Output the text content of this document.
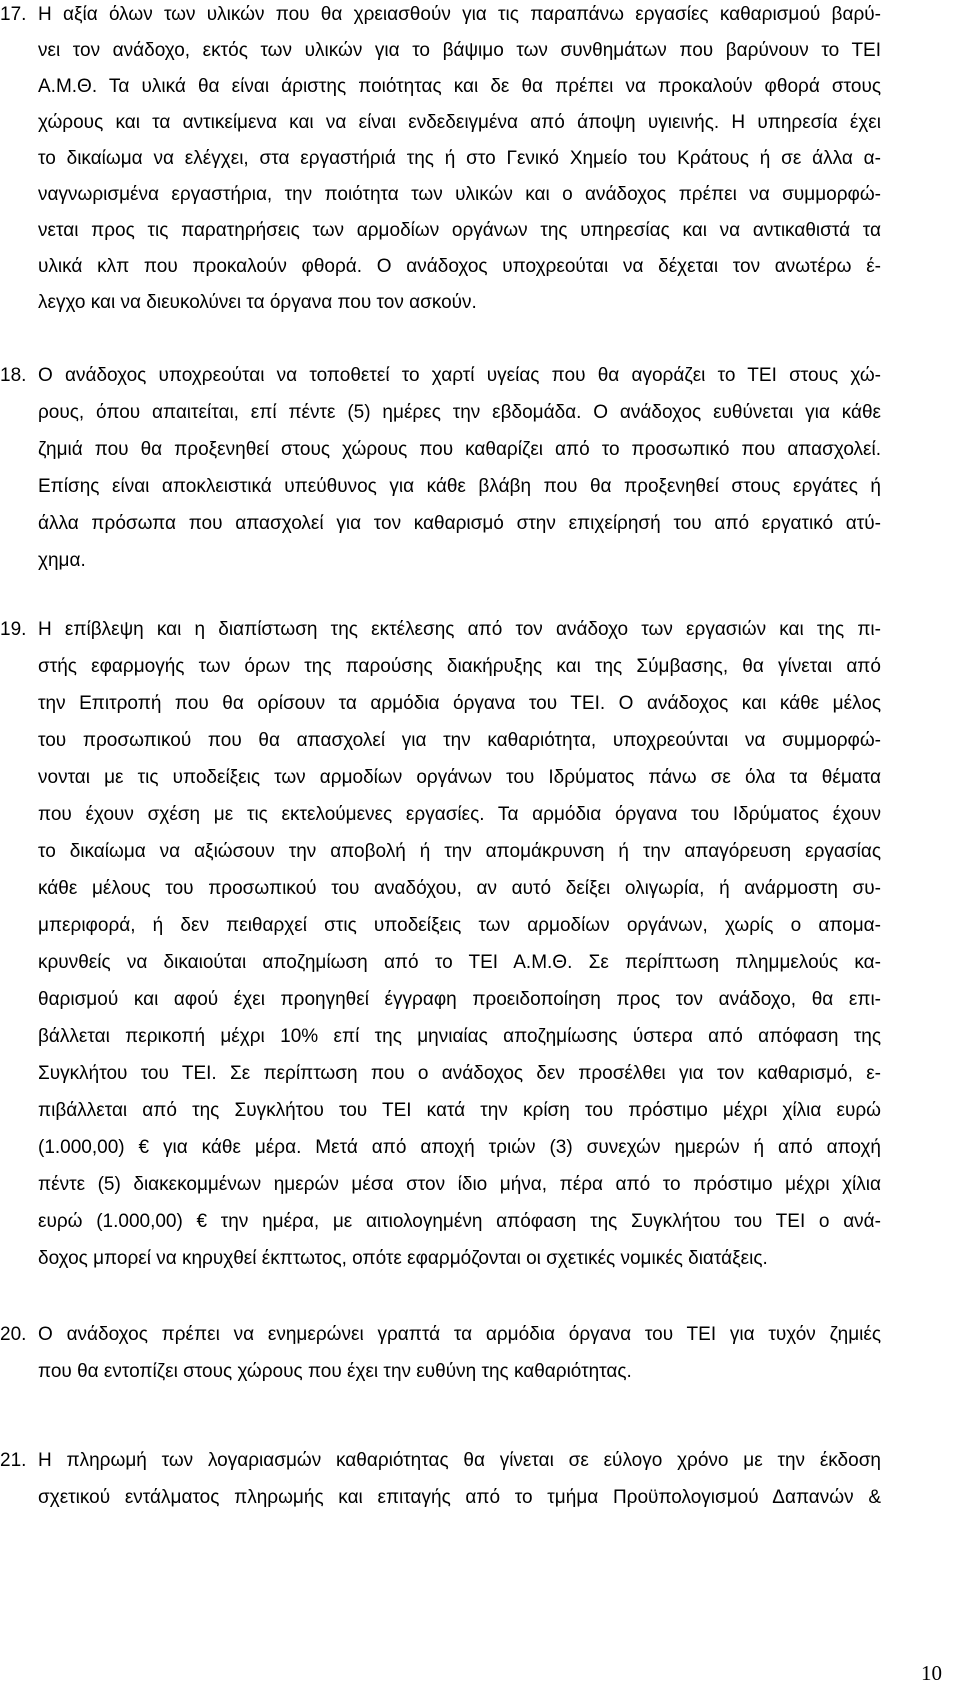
17. Η αξία όλων των υλικών που θα χρειασθούν για τις παραπάνω εργασίες καθαρισμού βαρύ-
νει τον ανάδοχο, εκτός των υλικών για το βάψιμο των συνθημάτων που βαρύνουν το ΤΕΙ
Α.Μ.Θ. Τα υλικά θα είναι άριστης ποιότητας και δε θα πρέπει να προκαλούν φθορά στους
χώρους και τα αντικείμενα και να είναι ενδεδειγμένα από άποψη υγιεινής. Η υπηρεσία έχει
το δικαίωμα να ελέγχει, στα εργαστήριά της ή στο Γενικό Χημείο του Κράτους ή σε άλλα α-
ναγνωρισμένα εργαστήρια, την ποιότητα των υλικών και ο ανάδοχος πρέπει να συμμορφώ-
νεται προς τις παρατηρήσεις των αρμοδίων οργάνων της υπηρεσίας και να αντικαθιστά τα
υλικά κλπ που προκαλούν φθορά. Ο ανάδοχος υποχρεούται να δέχεται τον ανωτέρω έ-
λεγχο και να διευκολύνει τα όργανα που τον ασκούν.
18. Ο ανάδοχος υποχρεούται να τοποθετεί το χαρτί υγείας που θα αγοράζει το ΤΕΙ στους χώ-
ρους, όπου απαιτείται, επί πέντε (5) ημέρες την εβδομάδα. Ο ανάδοχος ευθύνεται για κάθε
ζημιά που θα προξενηθεί στους χώρους που καθαρίζει από το προσωπικό που απασχολεί.
Επίσης είναι αποκλειστικά υπεύθυνος για κάθε βλάβη που θα προξενηθεί στους εργάτες ή
άλλα πρόσωπα που απασχολεί για τον καθαρισμό στην επιχείρησή του από εργατικό ατύ-
χημα.
19. Η επίβλεψη και η διαπίστωση της εκτέλεσης από τον ανάδοχο των εργασιών και της πι-
στής εφαρμογής των όρων της παρούσης διακήρυξης και της Σύμβασης, θα γίνεται από
την Επιτροπή που θα ορίσουν τα αρμόδια όργανα του ΤΕΙ. Ο ανάδοχος και κάθε μέλος
του προσωπικού που θα απασχολεί για την καθαριότητα, υποχρεούνται να συμμορφώ-
νονται με τις υποδείξεις των αρμοδίων οργάνων του Ιδρύματος πάνω σε όλα τα θέματα
που έχουν σχέση με τις εκτελούμενες εργασίες. Τα αρμόδια όργανα του Ιδρύματος έχουν
το δικαίωμα να αξιώσουν την αποβολή ή την απομάκρυνση ή την απαγόρευση εργασίας
κάθε μέλους του προσωπικού του αναδόχου, αν αυτό δείξει ολιγωρία, ή ανάρμοστη συ-
μπεριφορά, ή δεν πειθαρχεί στις υποδείξεις των αρμοδίων οργάνων, χωρίς ο απομα-
κρυνθείς να δικαιούται αποζημίωση από το ΤΕΙ Α.Μ.Θ. Σε περίπτωση πλημμελούς κα-
θαρισμού και αφού έχει προηγηθεί έγγραφη προειδοποίηση προς τον ανάδοχο, θα επι-
βάλλεται περικοπή μέχρι 10% επί της μηνιαίας αποζημίωσης ύστερα από απόφαση της
Συγκλήτου του ΤΕΙ. Σε περίπτωση που ο ανάδοχος δεν προσέλθει για τον καθαρισμό, ε-
πιβάλλεται από της Συγκλήτου του ΤΕΙ κατά την κρίση του πρόστιμο μέχρι χίλια ευρώ
(1.000,00) € για κάθε μέρα. Μετά από αποχή τριών (3) συνεχών ημερών ή από αποχή
πέντε (5) διακεκομμένων ημερών μέσα στον ίδιο μήνα, πέρα από το πρόστιμο μέχρι χίλια
ευρώ (1.000,00) € την ημέρα, με αιτιολογημένη απόφαση της Συγκλήτου του ΤΕΙ ο ανά-
δοχος μπορεί να κηρυχθεί έκπτωτος, οπότε εφαρμόζονται οι σχετικές νομικές διατάξεις.
20. Ο ανάδοχος πρέπει να ενημερώνει γραπτά τα αρμόδια όργανα του ΤΕΙ για τυχόν ζημιές
που θα εντοπίζει στους χώρους που έχει την ευθύνη της καθαριότητας.
21. Η πληρωμή των λογαριασμών καθαριότητας θα γίνεται σε εύλογο χρόνο με την έκδοση
σχετικού εντάλματος πληρωμής και επιταγής από το τμήμα Προϋπολογισμού Δαπανών &
10
